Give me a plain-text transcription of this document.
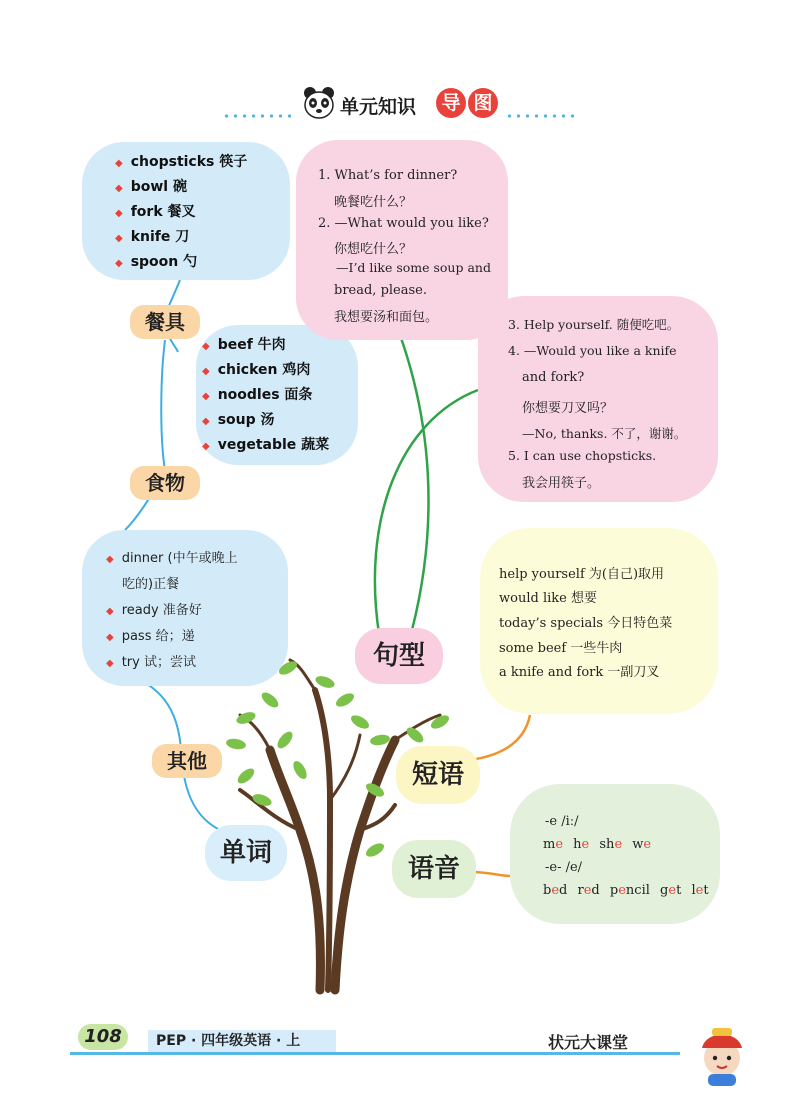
单元知识 导 图
◆ chopsticks 筷子
◆ bowl 碗
◆ fork 餐叉
◆ knife 刀
◆ spoon 勺
餐具
◆ beef 牛肉
◆ chicken 鸡肉
◆ noodles 面条
◆ soup 汤
◆ vegetable 蔬菜
食物
◆ dinner (中午或晚上
吃的)正餐
◆ ready 准备好
◆ pass 给；递
◆ try 试；尝试
其他
单词
1. What’s for dinner?
晚餐吃什么？
2. —What would you like?
你想吃什么？
—I’d like some soup and
bread, please.
我想要汤和面包。	3. Help yourself. 随便吃吧。
4. —Would you like a knife
and fork?
你想要刀叉吗？
—No, thanks. 不了，谢谢。
5. I can use chopsticks.
我会用筷子。
句型
help yourself 为(自己)取用
would like 想要
today’s specials 今日特色菜
some beef 一些牛肉
a knife and fork 一副刀叉
短语
-e /iː/
me he she we
-e- /e/
bed red pencil get let
语音
108	PEP · 四年级英语 · 上	状元大课堂
